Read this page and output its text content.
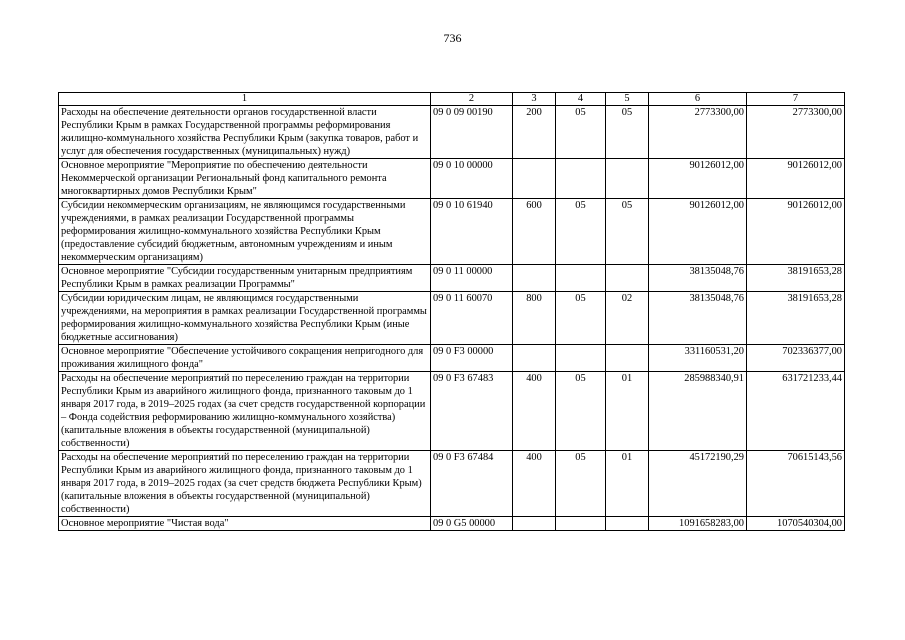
736
1	2	3	4	5	6	7
Расходы на обеспечение деятельности органов государственной власти Республики Крым в рамках Государственной программы реформирования жилищно-коммунального хозяйства Республики Крым (закупка товаров, работ и услуг для обеспечения государственных (муниципальных) нужд)	09 0 09 00190	200	05	05	2773300,00	2773300,00
Основное мероприятие "Мероприятие по обеспечению деятельности Некоммерческой организации Региональный фонд капитального ремонта многоквартирных домов Республики Крым"	09 0 10 00000				90126012,00	90126012,00
Субсидии некоммерческим организациям, не являющимся государственными учреждениями, в рамках реализации Государственной программы реформирования жилищно-коммунального хозяйства Республики Крым (предоставление субсидий бюджетным, автономным учреждениям и иным некоммерческим организациям)	09 0 10 61940	600	05	05	90126012,00	90126012,00
Основное мероприятие "Субсидии государственным унитарным предприятиям Республики Крым в рамках реализации Программы"	09 0 11 00000				38135048,76	38191653,28
Субсидии юридическим лицам, не являющимся государственными учреждениями, на мероприятия в рамках реализации Государственной программы реформирования жилищно-коммунального хозяйства Республики Крым (иные бюджетные ассигнования)	09 0 11 60070	800	05	02	38135048,76	38191653,28
Основное мероприятие "Обеспечение устойчивого сокращения непригодного для проживания жилищного фонда"	09 0 F3 00000				331160531,20	702336377,00
Расходы на обеспечение мероприятий по переселению граждан на территории Республики Крым из аварийного жилищного фонда, признанного таковым до 1 января 2017 года, в 2019–2025 годах (за счет средств государственной корпорации – Фонда содействия реформированию жилищно-коммунального хозяйства) (капитальные вложения в объекты государственной (муниципальной) собственности)	09 0 F3 67483	400	05	01	285988340,91	631721233,44
Расходы на обеспечение мероприятий по переселению граждан на территории Республики Крым из аварийного жилищного фонда, признанного таковым до 1 января 2017 года, в 2019–2025 годах (за счет средств бюджета Республики Крым) (капитальные вложения в объекты государственной (муниципальной) собственности)	09 0 F3 67484	400	05	01	45172190,29	70615143,56
Основное мероприятие "Чистая вода"	09 0 G5 00000				1091658283,00	1070540304,00
